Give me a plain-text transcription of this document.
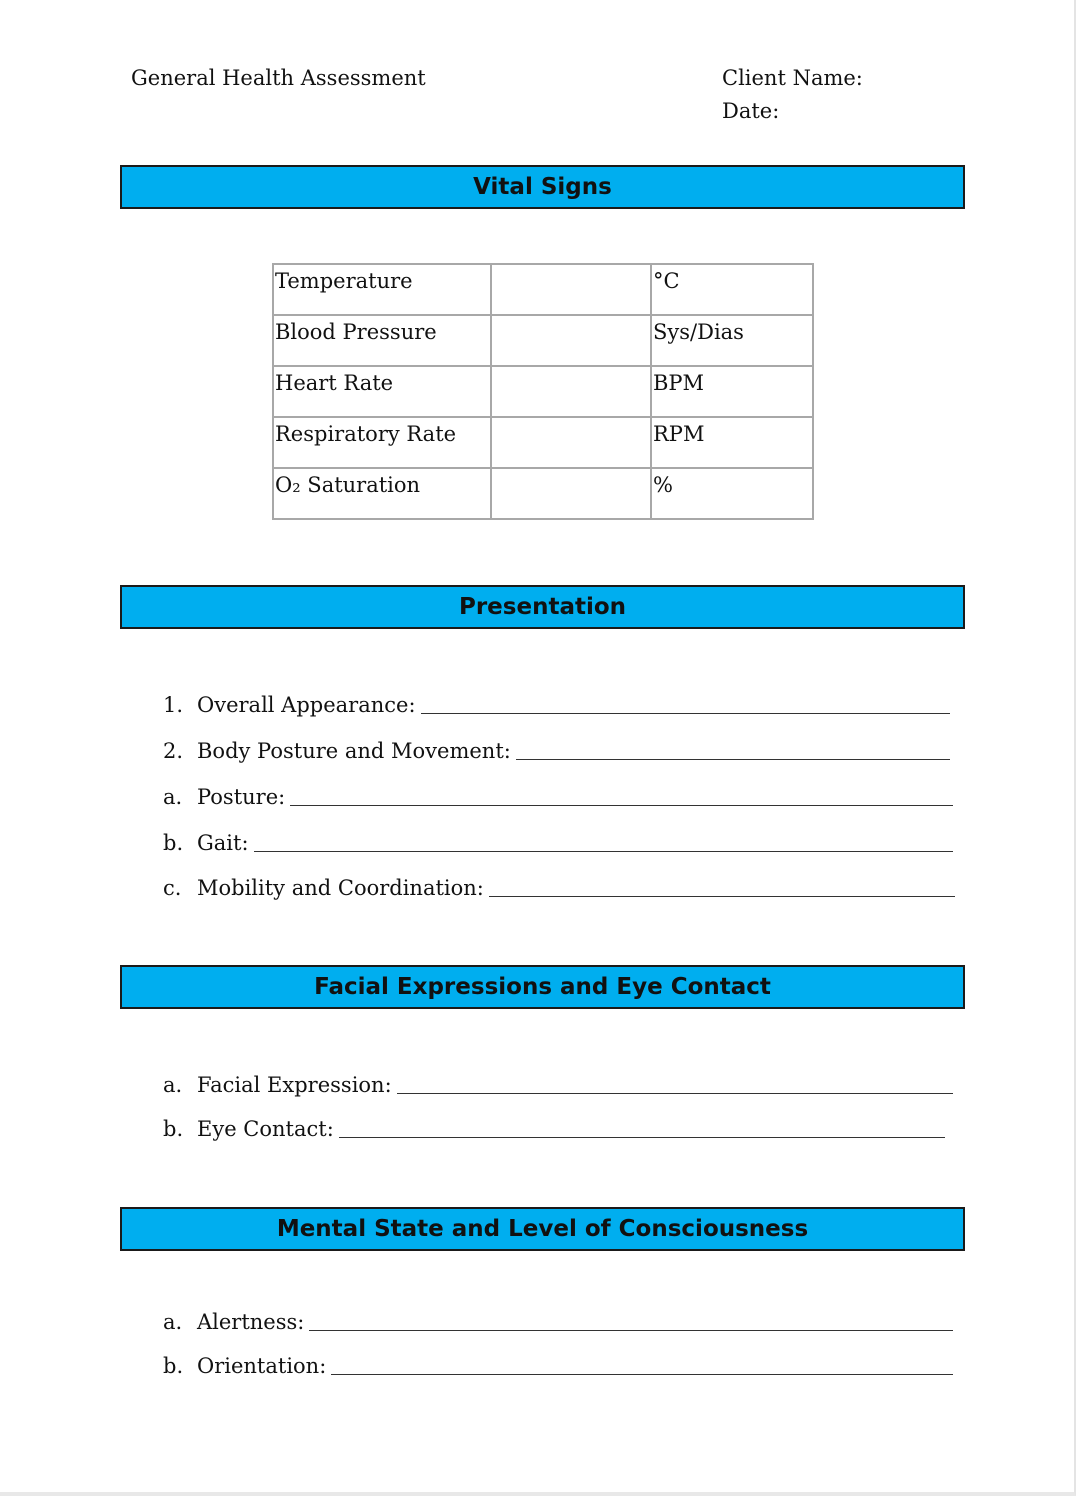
General Health Assessment	Client Name:
Date:
Vital Signs
Temperature		°C
Blood Pressure		Sys/Dias
Heart Rate		BPM
Respiratory Rate		RPM
O₂ Saturation		%
Presentation
1. Overall Appearance:
2. Body Posture and Movement:
a. Posture:
b. Gait:
c. Mobility and Coordination:
Facial Expressions and Eye Contact
a. Facial Expression:
b. Eye Contact:
Mental State and Level of Consciousness
a. Alertness:
b. Orientation:
